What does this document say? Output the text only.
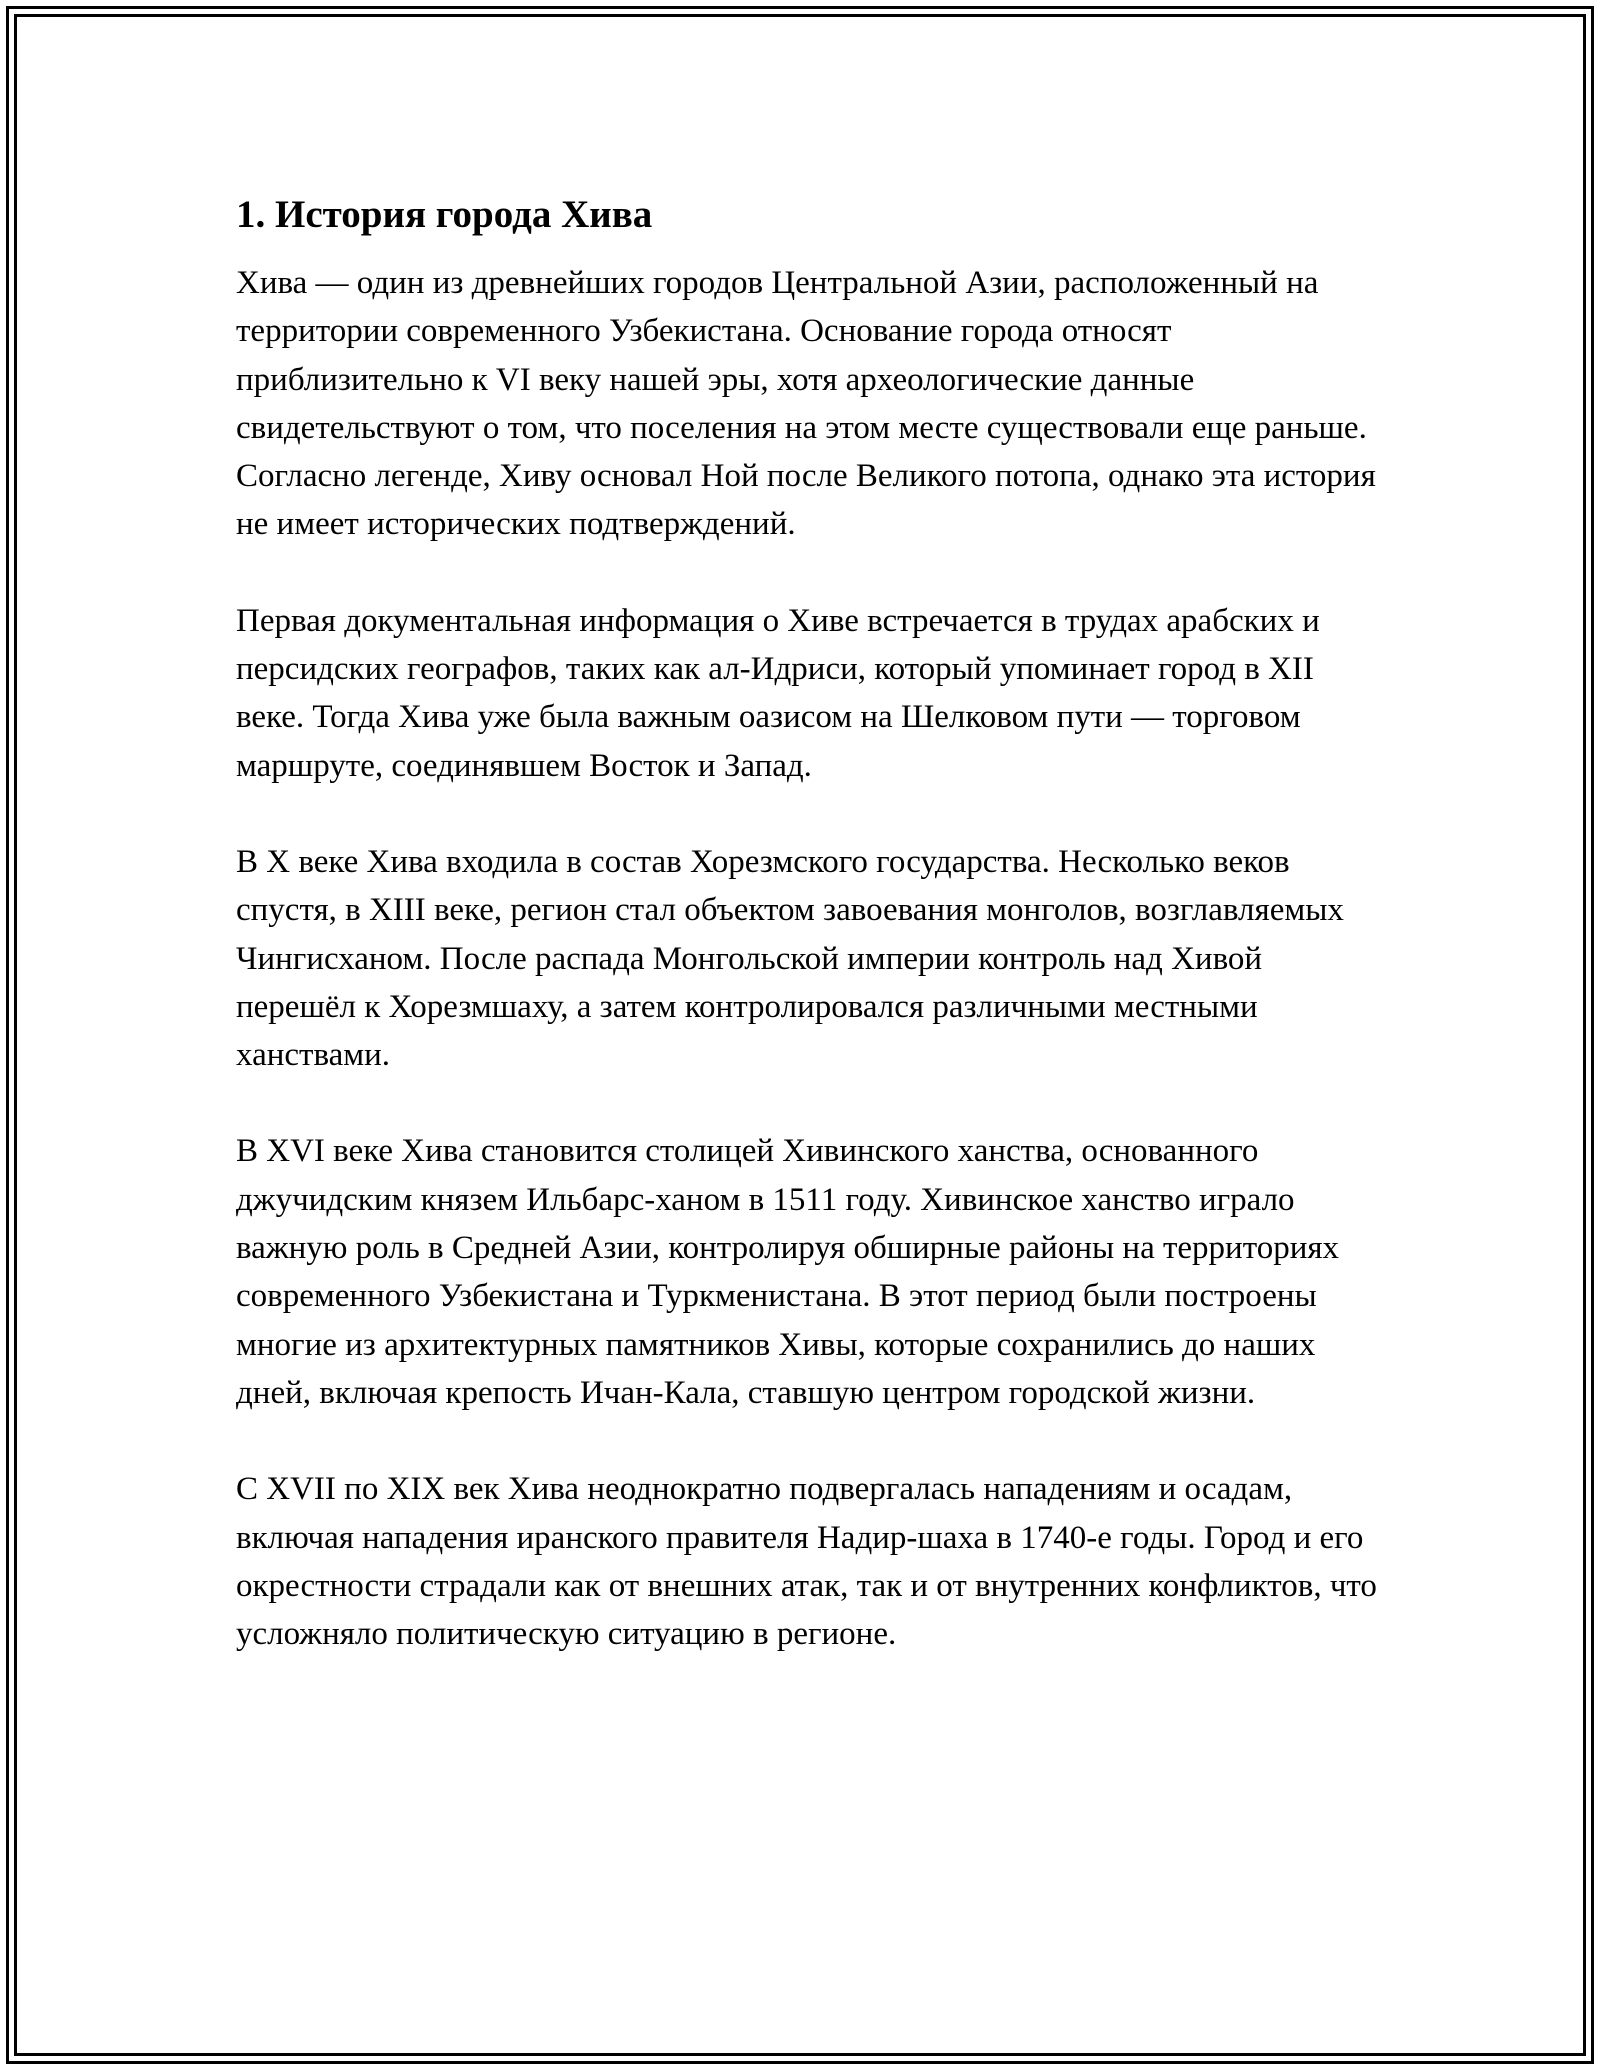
1. История города Хива

Хива — один из древнейших городов Центральной Азии, расположенный на территории современного Узбекистана. Основание города относят приблизительно к VI веку нашей эры, хотя археологические данные свидетельствуют о том, что поселения на этом месте существовали еще раньше. Согласно легенде, Хиву основал Ной после Великого потопа, однако эта история не имеет исторических подтверждений.

Первая документальная информация о Хиве встречается в трудах арабских и персидских географов, таких как ал-Идриси, который упоминает город в XII веке. Тогда Хива уже была важным оазисом на Шелковом пути — торговом маршруте, соединявшем Восток и Запад.

В X веке Хива входила в состав Хорезмского государства. Несколько веков спустя, в XIII веке, регион стал объектом завоевания монголов, возглавляемых Чингисханом. После распада Монгольской империи контроль над Хивой перешёл к Хорезмшаху, а затем контролировался различными местными ханствами.

В XVI веке Хива становится столицей Хивинского ханства, основанного джучидским князем Ильбарс-ханом в 1511 году. Хивинское ханство играло важную роль в Средней Азии, контролируя обширные районы на территориях современного Узбекистана и Туркменистана. В этот период были построены многие из архитектурных памятников Хивы, которые сохранились до наших дней, включая крепость Ичан-Кала, ставшую центром городской жизни.

С XVII по XIX век Хива неоднократно подвергалась нападениям и осадам, включая нападения иранского правителя Надир-шаха в 1740-е годы. Город и его окрестности страдали как от внешних атак, так и от внутренних конфликтов, что усложняло политическую ситуацию в регионе.
